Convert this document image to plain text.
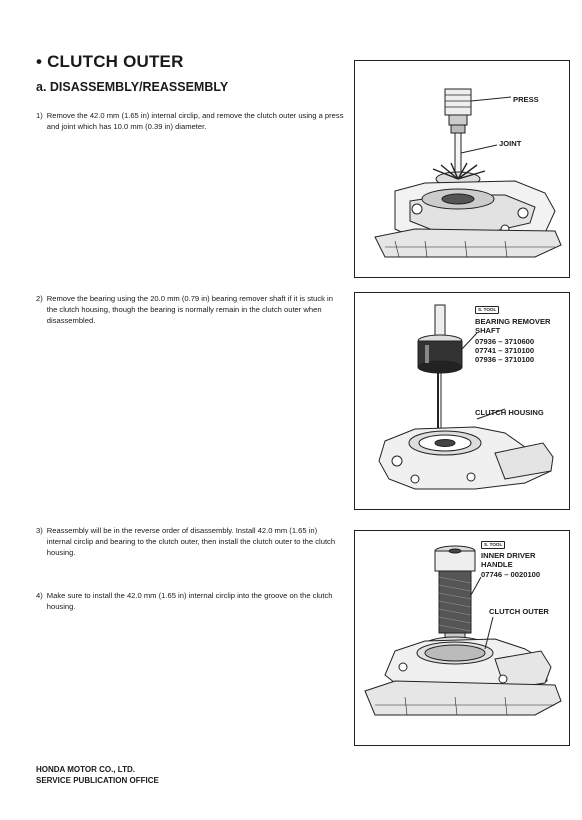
• CLUTCH OUTER
a. DISASSEMBLY/REASSEMBLY
1) Remove the 42.0 mm (1.65 in) internal circlip, and remove the clutch outer using a press and joint which has 10.0 mm (0.39 in) diameter.
2) Remove the bearing using the 20.0 mm (0.79 in) bearing remover shaft if it is stuck in the clutch housing, though the bearing is normally remain in the clutch outer when disassembled.
3) Reassembly will be in the reverse order of disassembly. Install 42.0 mm (1.65 in) internal circlip and bearing to the clutch outer, then install the clutch outer to the clutch housing.
4) Make sure to install the 42.0 mm (1.65 in) internal circlip into the groove on the clutch housing.
PRESS
JOINT
S. TOOL
BEARING REMOVER
SHAFT
07936 – 3710600
07741 – 3710100
07936 – 3710100
CLUTCH HOUSING
S. TOOL
INNER DRIVER
HANDLE
07746 – 0020100
CLUTCH OUTER
HONDA MOTOR CO., LTD.
SERVICE PUBLICATION OFFICE
